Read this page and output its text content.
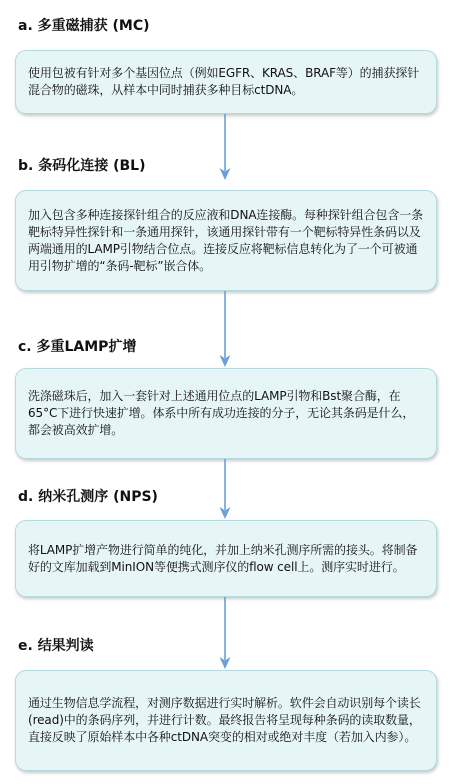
a. 多重磁捕获 (MC)

使用包被有针对多个基因位点（例如EGFR、KRAS、BRAF等）的捕获探针混合物的磁珠，从样本中同时捕获多种目标ctDNA。

b. 条码化连接 (BL)

加入包含多种连接探针组合的反应液和DNA连接酶。每种探针组合包含一条靶标特异性探针和一条通用探针，该通用探针带有一个靶标特异性条码以及两端通用的LAMP引物结合位点。连接反应将靶标信息转化为了一个可被通用引物扩增的“条码-靶标”嵌合体。

c. 多重LAMP扩增

洗涤磁珠后，加入一套针对上述通用位点的LAMP引物和Bst聚合酶，在65°C下进行快速扩增。体系中所有成功连接的分子，无论其条码是什么，都会被高效扩增。

d. 纳米孔测序 (NPS)

将LAMP扩增产物进行简单的纯化，并加上纳米孔测序所需的接头。将制备好的文库加载到MinION等便携式测序仪的flow cell上。测序实时进行。

e. 结果判读

通过生物信息学流程，对测序数据进行实时解析。软件会自动识别每个读长(read)中的条码序列，并进行计数。最终报告将呈现每种条码的读取数量，直接反映了原始样本中各种ctDNA突变的相对或绝对丰度（若加入内参）。
